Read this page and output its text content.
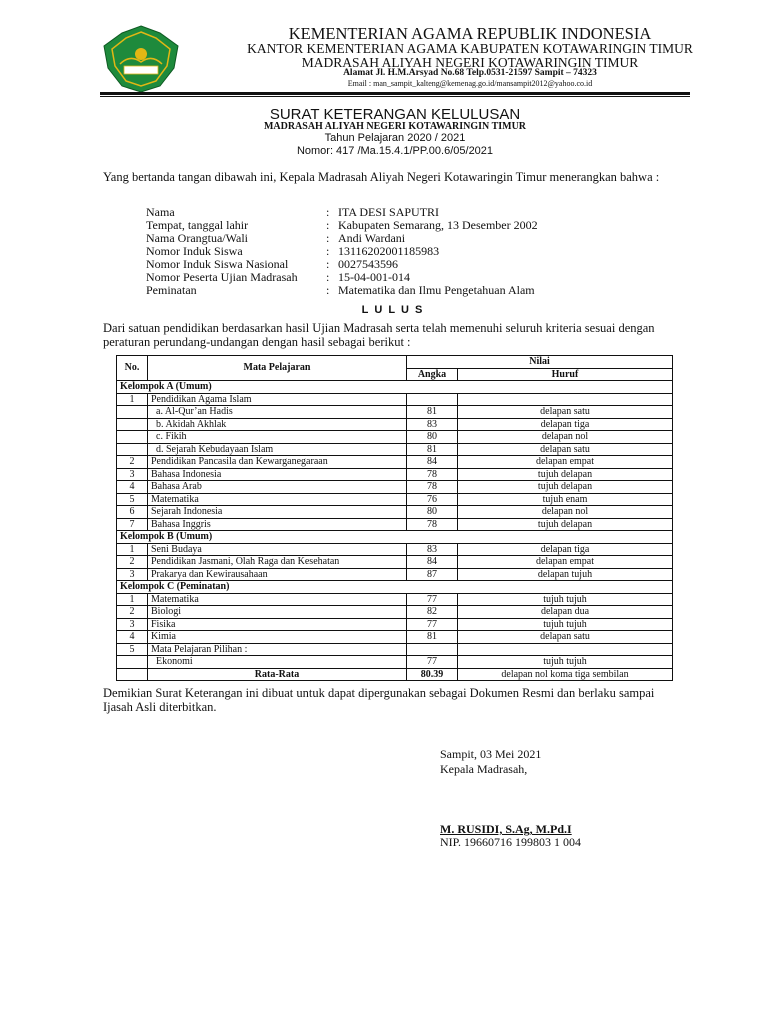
KEMENTERIAN AGAMA REPUBLIK INDONESIA
KANTOR KEMENTERIAN AGAMA KABUPATEN KOTAWARINGIN TIMUR
MADRASAH ALIYAH NEGERI KOTAWARINGIN TIMUR
Alamat Jl. H.M.Arsyad No.68 Telp.0531-21597 Sampit – 74323
Email : man_sampit_kalteng@kemenag.go.id/mansampit2012@yahoo.co.id
SURAT KETERANGAN KELULUSAN
MADRASAH ALIYAH NEGERI KOTAWARINGIN TIMUR
Tahun Pelajaran 2020 / 2021
Nomor: 417 /Ma.15.4.1/PP.00.6/05/2021
Yang bertanda tangan dibawah ini, Kepala Madrasah Aliyah Negeri Kotawaringin Timur menerangkan bahwa :
Nama	: ITA DESI SAPUTRI
Tempat, tanggal lahir	: Kabupaten Semarang, 13 Desember 2002
Nama Orangtua/Wali	: Andi Wardani
Nomor Induk Siswa	: 13116202001185983
Nomor Induk Siswa Nasional	: 0027543596
Nomor Peserta Ujian Madrasah : 15-04-001-014
Peminatan	: Matematika dan Ilmu Pengetahuan Alam
LULUS
Dari satuan pendidikan berdasarkan hasil Ujian Madrasah serta telah memenuhi seluruh kriteria sesuai dengan peraturan perundang-undangan dengan hasil sebagai berikut :
No.	Mata Pelajaran	Nilai	
		Angka	Huruf
Kelompok A (Umum)			
1	Pendidikan Agama Islam		
	a. Al-Qur’an Hadis	81	delapan satu
	b. Akidah Akhlak	83	delapan tiga
	c. Fikih	80	delapan nol
	d. Sejarah Kebudayaan Islam	81	delapan satu
2	Pendidikan Pancasila dan Kewarganegaraan	84	delapan empat
3	Bahasa Indonesia	78	tujuh delapan
4	Bahasa Arab	78	tujuh delapan
5	Matematika	76	tujuh enam
6	Sejarah Indonesia	80	delapan nol
7	Bahasa Inggris	78	tujuh delapan
Kelompok B (Umum)			
1	Seni Budaya	83	delapan tiga
2	Pendidikan Jasmani, Olah Raga dan Kesehatan	84	delapan empat
3	Prakarya dan Kewirausahaan	87	delapan tujuh
Kelompok C (Peminatan)			
1	Matematika	77	tujuh tujuh
2	Biologi	82	delapan dua
3	Fisika	77	tujuh tujuh
4	Kimia	81	delapan satu
5	Mata Pelajaran Pilihan :		
	Ekonomi	77	tujuh tujuh
	Rata-Rata	80.39	delapan nol koma tiga sembilan
Demikian Surat Keterangan ini dibuat untuk dapat dipergunakan sebagai Dokumen Resmi dan berlaku sampai Ijasah Asli diterbitkan.
Sampit, 03 Mei 2021
Kepala Madrasah,
M. RUSIDI, S.Ag, M.Pd.I
NIP. 19660716 199803 1 004
